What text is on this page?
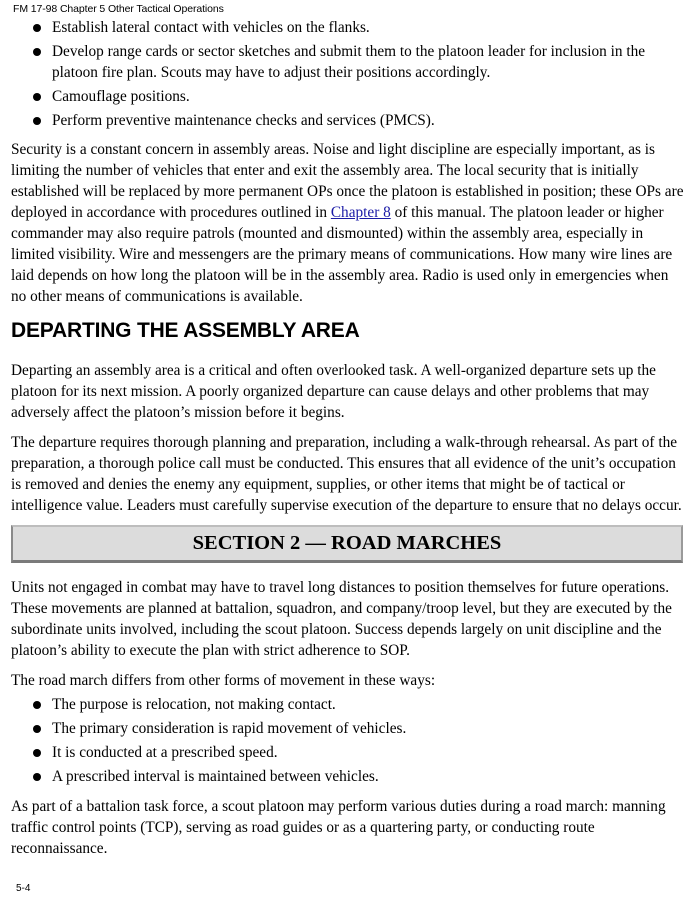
FM 17-98 Chapter 5 Other Tactical Operations
Establish lateral contact with vehicles on the flanks.
Develop range cards or sector sketches and submit them to the platoon leader for inclusion in the platoon fire plan. Scouts may have to adjust their positions accordingly.
Camouflage positions.
Perform preventive maintenance checks and services (PMCS).

Security is a constant concern in assembly areas. Noise and light discipline are especially important, as is limiting the number of vehicles that enter and exit the assembly area. The local security that is initially established will be replaced by more permanent OPs once the platoon is established in position; these OPs are deployed in accordance with procedures outlined in Chapter 8 of this manual. The platoon leader or higher commander may also require patrols (mounted and dismounted) within the assembly area, especially in limited visibility. Wire and messengers are the primary means of communications. How many wire lines are laid depends on how long the platoon will be in the assembly area. Radio is used only in emergencies when no other means of communications is available.

DEPARTING THE ASSEMBLY AREA

Departing an assembly area is a critical and often overlooked task. A well-organized departure sets up the platoon for its next mission. A poorly organized departure can cause delays and other problems that may adversely affect the platoon’s mission before it begins.

The departure requires thorough planning and preparation, including a walk-through rehearsal. As part of the preparation, a thorough police call must be conducted. This ensures that all evidence of the unit’s occupation is removed and denies the enemy any equipment, supplies, or other items that might be of tactical or intelligence value. Leaders must carefully supervise execution of the departure to ensure that no delays occur.

SECTION 2 — ROAD MARCHES

Units not engaged in combat may have to travel long distances to position themselves for future operations. These movements are planned at battalion, squadron, and company/troop level, but they are executed by the subordinate units involved, including the scout platoon. Success depends largely on unit discipline and the platoon’s ability to execute the plan with strict adherence to SOP.

The road march differs from other forms of movement in these ways:

The purpose is relocation, not making contact.
The primary consideration is rapid movement of vehicles.
It is conducted at a prescribed speed.
A prescribed interval is maintained between vehicles.

As part of a battalion task force, a scout platoon may perform various duties during a road march: manning traffic control points (TCP), serving as road guides or as a quartering party, or conducting route reconnaissance.

5-4
